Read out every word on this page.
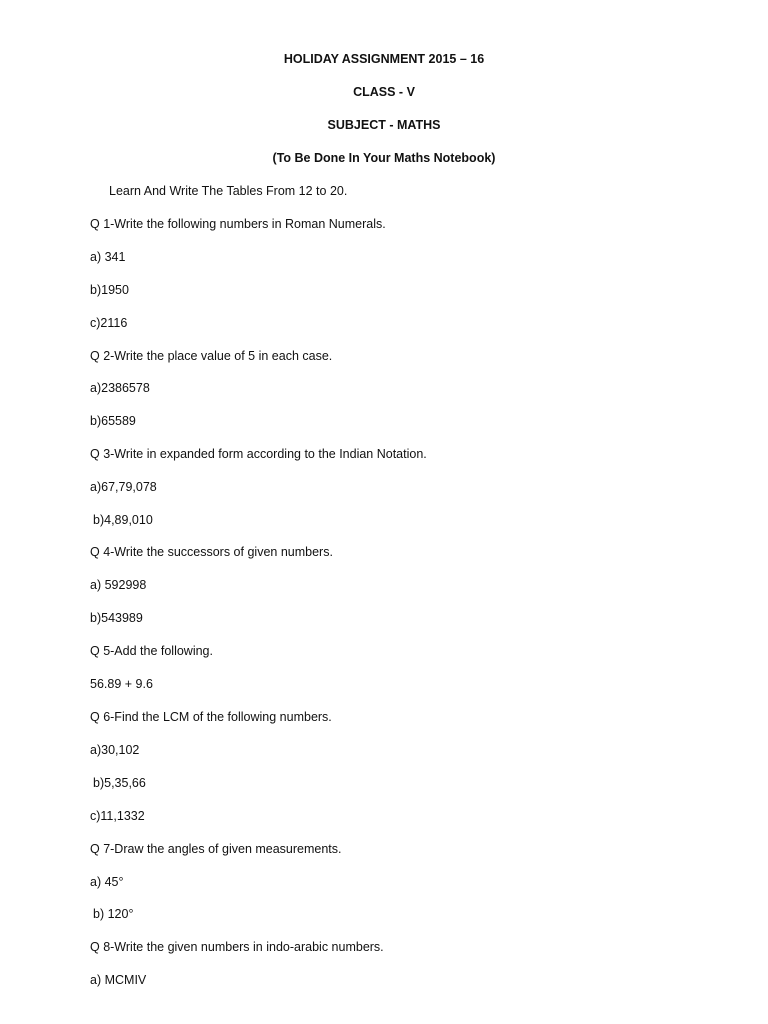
HOLIDAY ASSIGNMENT 2015 – 16
CLASS - V
SUBJECT - MATHS
(To Be Done In Your Maths Notebook)
Learn And Write The Tables From 12 to 20.
Q 1-Write the following numbers in Roman Numerals.
a) 341
b)1950
c)2116
Q 2-Write the place value of 5 in each case.
a)2386578
b)65589
Q 3-Write in expanded form according to the Indian Notation.
a)67,79,078
b)4,89,010
Q 4-Write the successors of given numbers.
a) 592998
b)543989
Q 5-Add the following.
56.89 + 9.6
Q 6-Find the LCM of the following numbers.
a)30,102
b)5,35,66
c)11,1332
Q 7-Draw the angles of given measurements.
a) 45°
b) 120°
Q 8-Write the given numbers in indo-arabic numbers.
a) MCMIV
